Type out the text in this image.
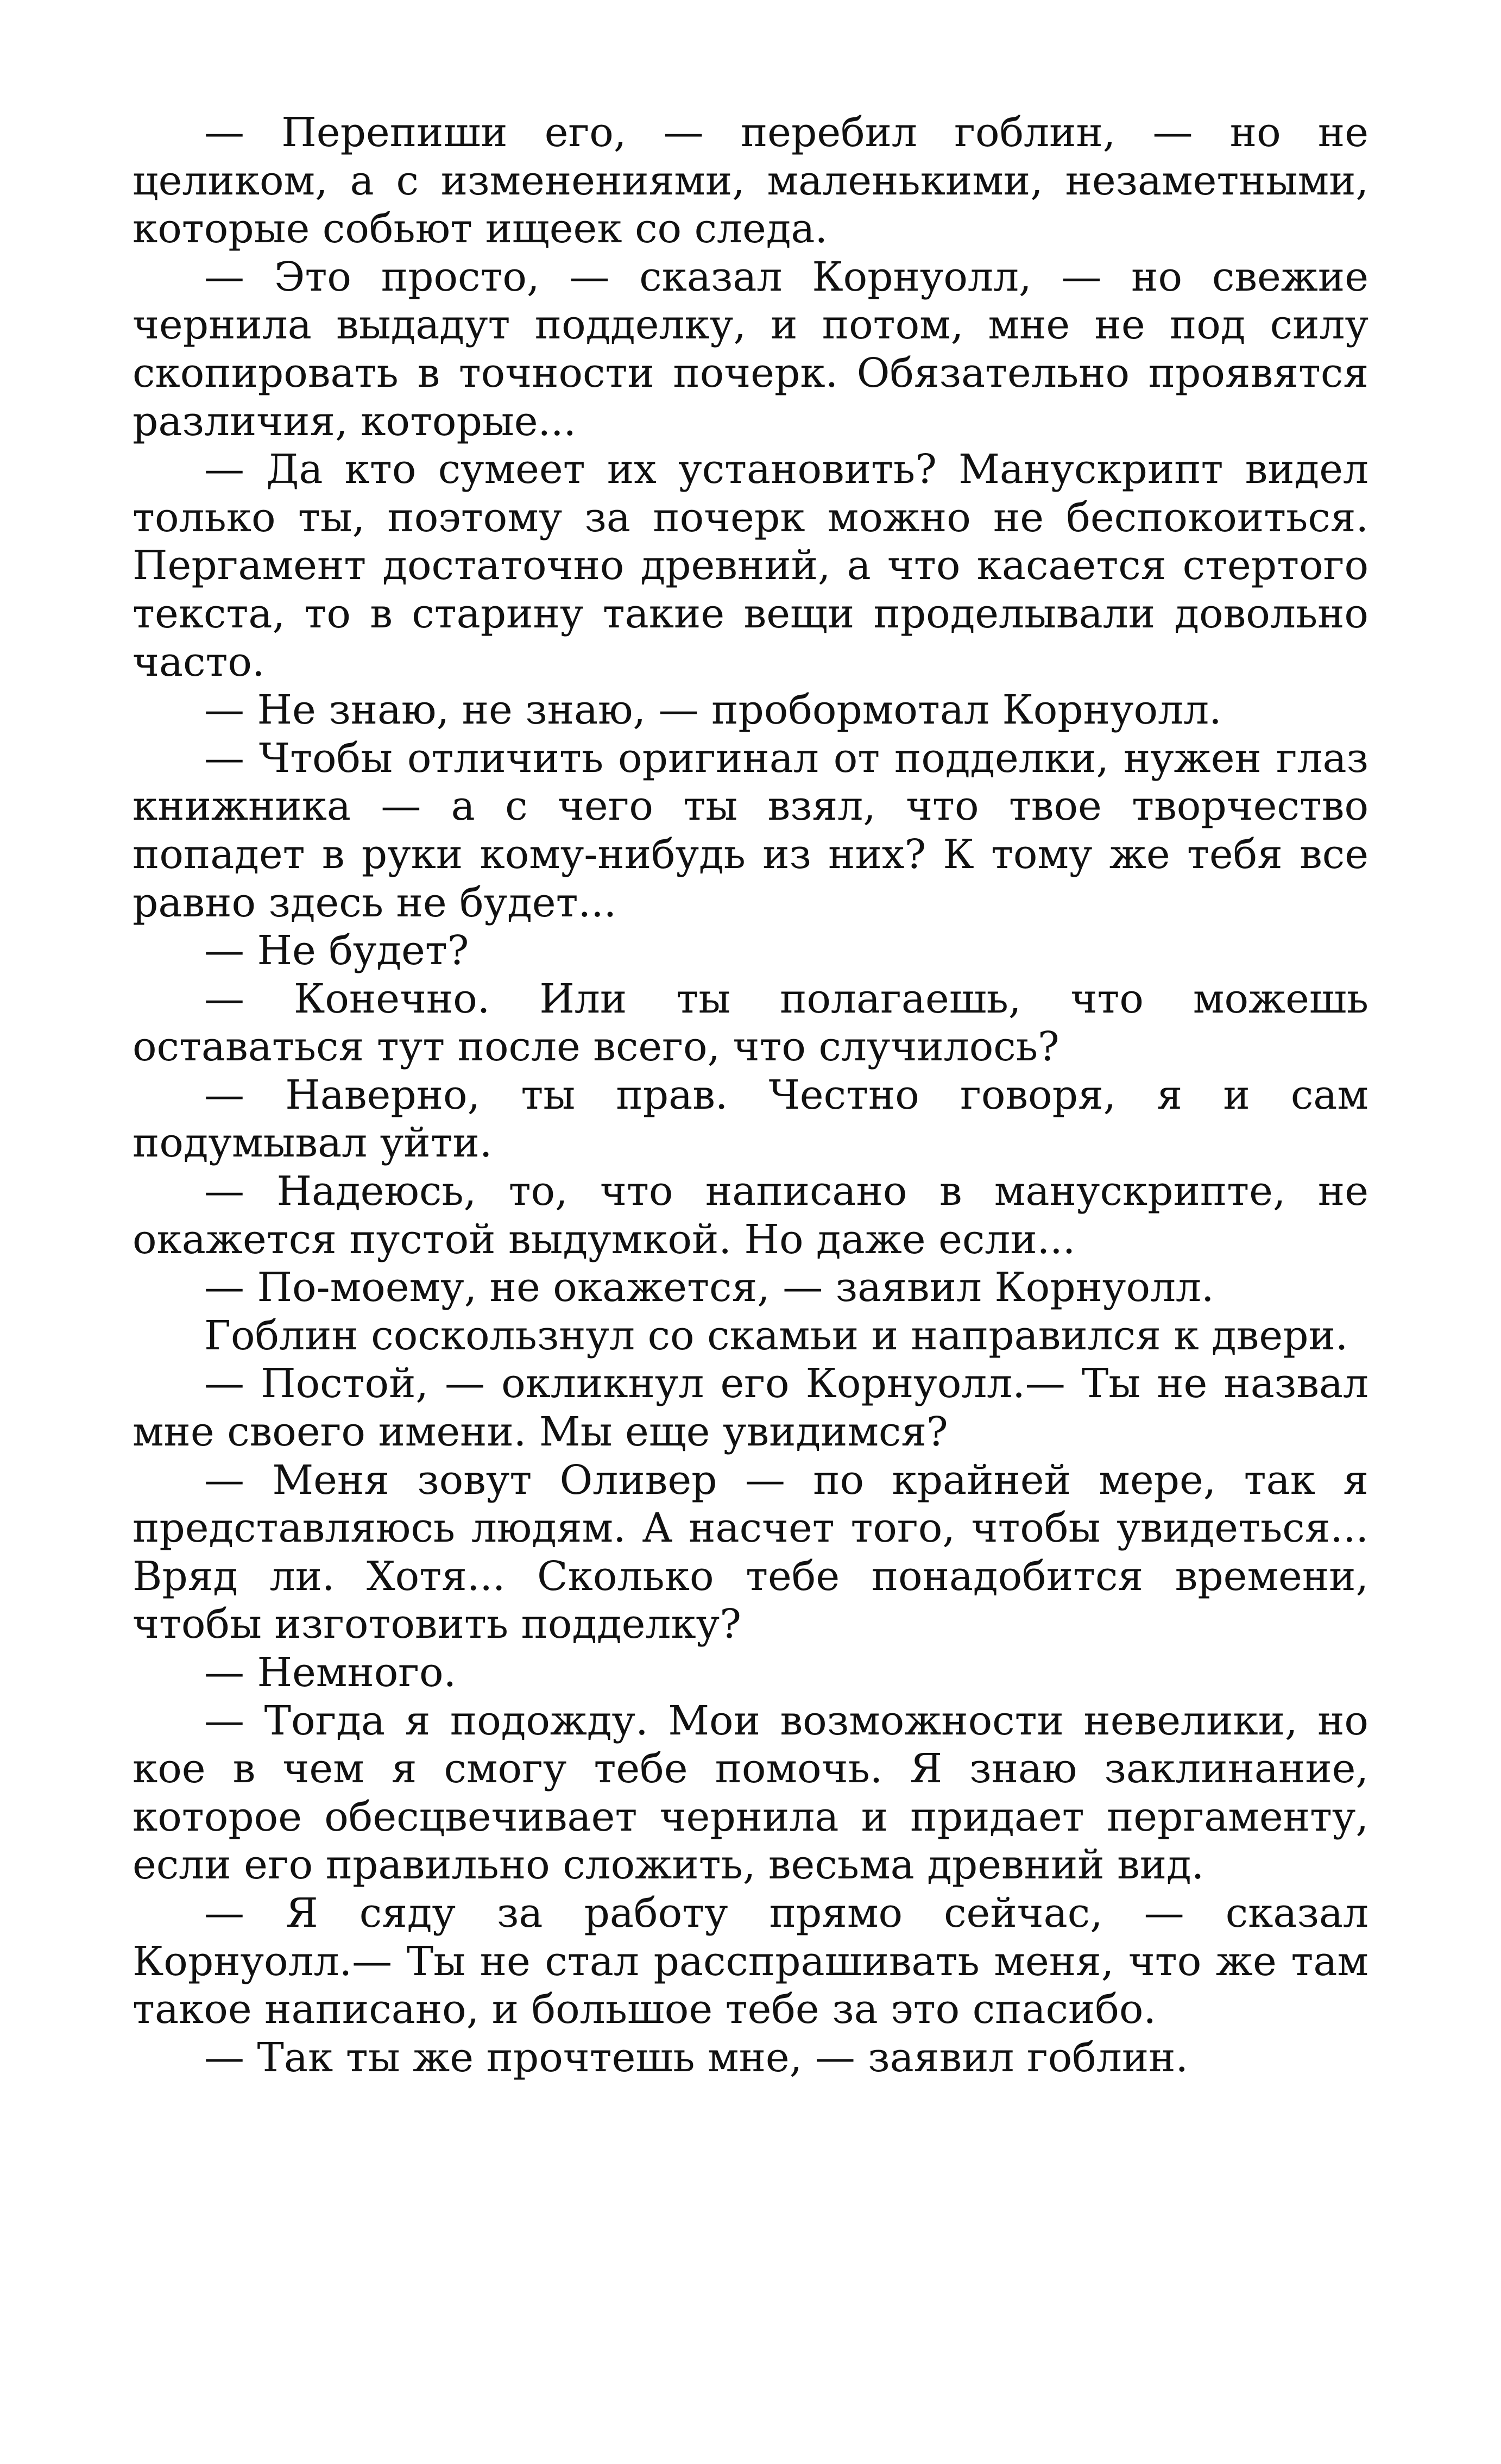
— Перепиши его, — перебил гоблин, — но не целиком, а с изменениями, маленькими, незаметными, которые собьют ищеек со следа.

— Это просто, — сказал Корнуолл, — но свежие чернила выдадут подделку, и потом, мне не под силу скопировать в точности почерк. Обязательно проявятся различия, которые...

— Да кто сумеет их установить? Манускрипт видел только ты, поэтому за почерк можно не беспокоиться. Пергамент достаточно древний, а что касается стертого текста, то в старину такие вещи проделывали довольно часто.

— Не знаю, не знаю, — пробормотал Корнуолл.

— Чтобы отличить оригинал от подделки, нужен глаз книжника — а с чего ты взял, что твое творчество попадет в руки кому-нибудь из них? К тому же тебя все равно здесь не будет...

— Не будет?

— Конечно. Или ты полагаешь, что можешь оставаться тут после всего, что случилось?

— Наверно, ты прав. Честно говоря, я и сам подумывал уйти.

— Надеюсь, то, что написано в манускрипте, не окажется пустой выдумкой. Но даже если...

— По-моему, не окажется, — заявил Корнуолл.

Гоблин соскользнул со скамьи и направился к двери.

— Постой, — окликнул его Корнуолл.— Ты не назвал мне своего имени. Мы еще увидимся?

— Меня зовут Оливер — по крайней мере, так я представляюсь людям. А насчет того, чтобы увидеться... Вряд ли. Хотя... Сколько тебе понадобится времени, чтобы изготовить подделку?

— Немного.

— Тогда я подожду. Мои возможности невелики, но кое в чем я смогу тебе помочь. Я знаю заклинание, которое обесцвечивает чернила и придает пергаменту, если его правильно сложить, весьма древний вид.

— Я сяду за работу прямо сейчас, — сказал Корнуолл.— Ты не стал расспрашивать меня, что же там такое написано, и большое тебе за это спасибо.

— Так ты же прочтешь мне, — заявил гоблин.
